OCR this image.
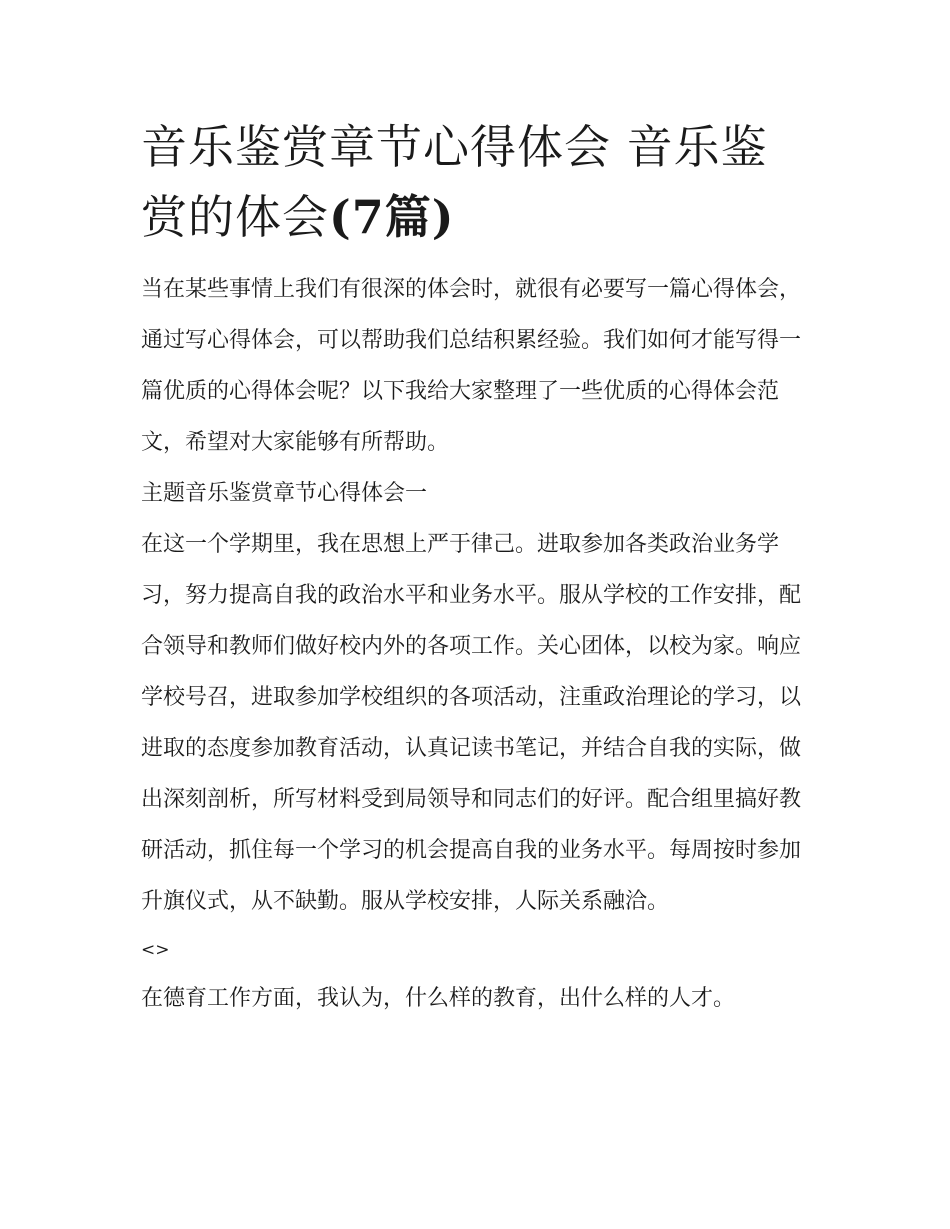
音乐鉴赏章节心得体会 音乐鉴赏的体会(7篇)

当在某些事情上我们有很深的体会时，就很有必要写一篇心得体会，通过写心得体会，可以帮助我们总结积累经验。我们如何才能写得一篇优质的心得体会呢？以下我给大家整理了一些优质的心得体会范文，希望对大家能够有所帮助。

主题音乐鉴赏章节心得体会一

在这一个学期里，我在思想上严于律己。进取参加各类政治业务学习，努力提高自我的政治水平和业务水平。服从学校的工作安排，配合领导和教师们做好校内外的各项工作。关心团体，以校为家。响应学校号召，进取参加学校组织的各项活动，注重政治理论的学习，以进取的态度参加教育活动，认真记读书笔记，并结合自我的实际，做出深刻剖析，所写材料受到局领导和同志们的好评。配合组里搞好教研活动，抓住每一个学习的机会提高自我的业务水平。每周按时参加升旗仪式，从不缺勤。服从学校安排，人际关系融洽。

<>

在德育工作方面，我认为，什么样的教育，出什么样的人才。
